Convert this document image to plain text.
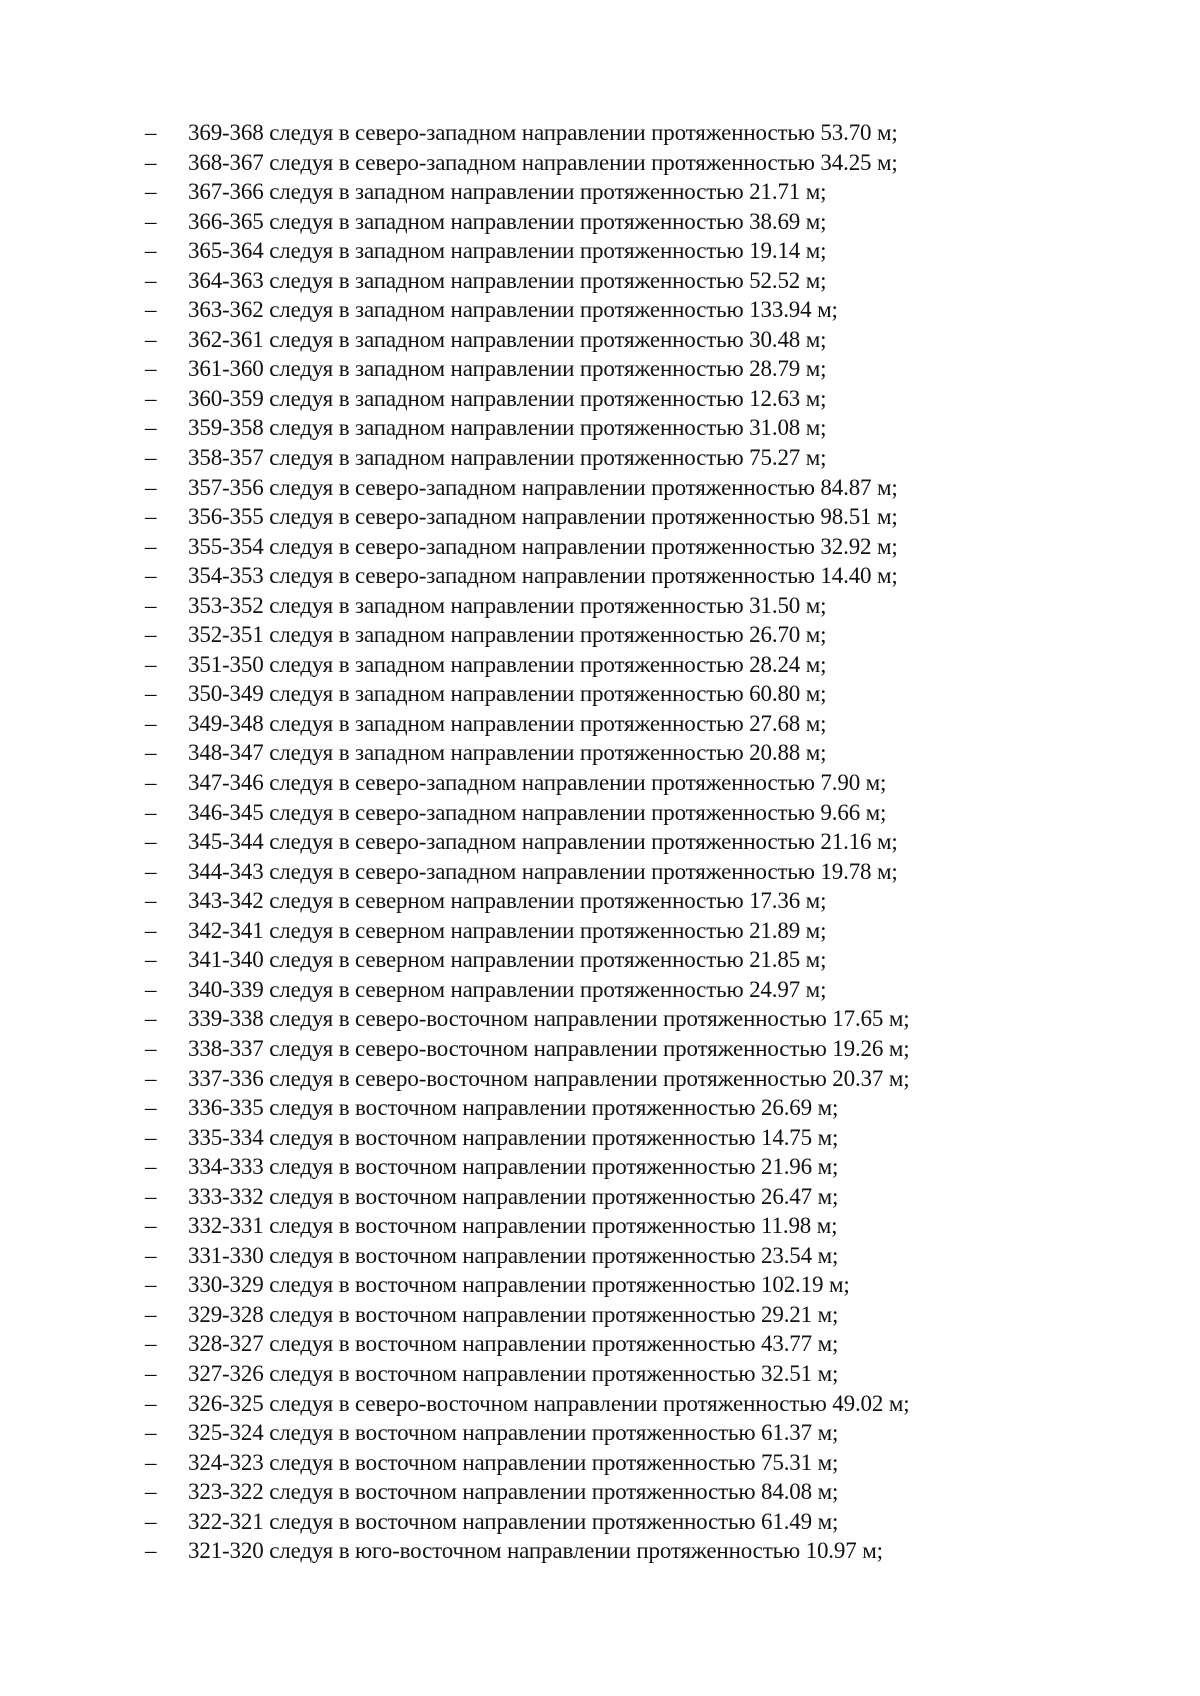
– 369-368 следуя в северо-западном направлении протяженностью 53.70 м;
– 368-367 следуя в северо-западном направлении протяженностью 34.25 м;
– 367-366 следуя в западном направлении протяженностью 21.71 м;
– 366-365 следуя в западном направлении протяженностью 38.69 м;
– 365-364 следуя в западном направлении протяженностью 19.14 м;
– 364-363 следуя в западном направлении протяженностью 52.52 м;
– 363-362 следуя в западном направлении протяженностью 133.94 м;
– 362-361 следуя в западном направлении протяженностью 30.48 м;
– 361-360 следуя в западном направлении протяженностью 28.79 м;
– 360-359 следуя в западном направлении протяженностью 12.63 м;
– 359-358 следуя в западном направлении протяженностью 31.08 м;
– 358-357 следуя в западном направлении протяженностью 75.27 м;
– 357-356 следуя в северо-западном направлении протяженностью 84.87 м;
– 356-355 следуя в северо-западном направлении протяженностью 98.51 м;
– 355-354 следуя в северо-западном направлении протяженностью 32.92 м;
– 354-353 следуя в северо-западном направлении протяженностью 14.40 м;
– 353-352 следуя в западном направлении протяженностью 31.50 м;
– 352-351 следуя в западном направлении протяженностью 26.70 м;
– 351-350 следуя в западном направлении протяженностью 28.24 м;
– 350-349 следуя в западном направлении протяженностью 60.80 м;
– 349-348 следуя в западном направлении протяженностью 27.68 м;
– 348-347 следуя в западном направлении протяженностью 20.88 м;
– 347-346 следуя в северо-западном направлении протяженностью 7.90 м;
– 346-345 следуя в северо-западном направлении протяженностью 9.66 м;
– 345-344 следуя в северо-западном направлении протяженностью 21.16 м;
– 344-343 следуя в северо-западном направлении протяженностью 19.78 м;
– 343-342 следуя в северном направлении протяженностью 17.36 м;
– 342-341 следуя в северном направлении протяженностью 21.89 м;
– 341-340 следуя в северном направлении протяженностью 21.85 м;
– 340-339 следуя в северном направлении протяженностью 24.97 м;
– 339-338 следуя в северо-восточном направлении протяженностью 17.65 м;
– 338-337 следуя в северо-восточном направлении протяженностью 19.26 м;
– 337-336 следуя в северо-восточном направлении протяженностью 20.37 м;
– 336-335 следуя в восточном направлении протяженностью 26.69 м;
– 335-334 следуя в восточном направлении протяженностью 14.75 м;
– 334-333 следуя в восточном направлении протяженностью 21.96 м;
– 333-332 следуя в восточном направлении протяженностью 26.47 м;
– 332-331 следуя в восточном направлении протяженностью 11.98 м;
– 331-330 следуя в восточном направлении протяженностью 23.54 м;
– 330-329 следуя в восточном направлении протяженностью 102.19 м;
– 329-328 следуя в восточном направлении протяженностью 29.21 м;
– 328-327 следуя в восточном направлении протяженностью 43.77 м;
– 327-326 следуя в восточном направлении протяженностью 32.51 м;
– 326-325 следуя в северо-восточном направлении протяженностью 49.02 м;
– 325-324 следуя в восточном направлении протяженностью 61.37 м;
– 324-323 следуя в восточном направлении протяженностью 75.31 м;
– 323-322 следуя в восточном направлении протяженностью 84.08 м;
– 322-321 следуя в восточном направлении протяженностью 61.49 м;
– 321-320 следуя в юго-восточном направлении протяженностью 10.97 м;
